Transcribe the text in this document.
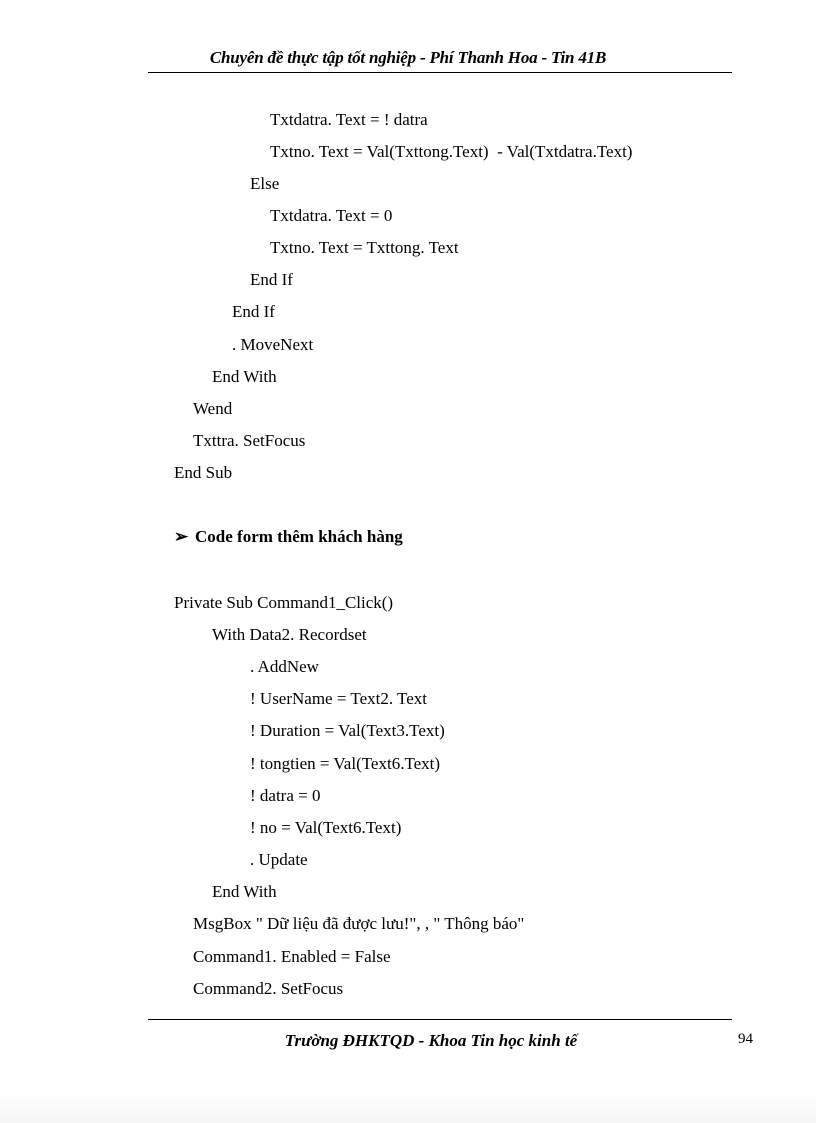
Chuyên đề thực tập tốt nghiệp - Phí Thanh Hoa - Tin 41B
Txtdatra. Text = ! datra
Txtno. Text = Val(Txttong.Text)  - Val(Txtdatra.Text)
Else
Txtdatra. Text = 0
Txtno. Text = Txttong. Text
End If
End If
. MoveNext
End With
Wend
Txttra. SetFocus
End Sub
➢ Code form thêm khách hàng
Private Sub Command1_Click()
With Data2. Recordset
. AddNew
! UserName = Text2. Text
! Duration = Val(Text3.Text)
! tongtien = Val(Text6.Text)
! datra = 0
! no = Val(Text6.Text)
. Update
End With
MsgBox " Dữ liệu đã được lưu!", , " Thông báo"
Command1. Enabled = False
Command2. SetFocus
Trường ĐHKTQD - Khoa Tin học kinh tế	94
